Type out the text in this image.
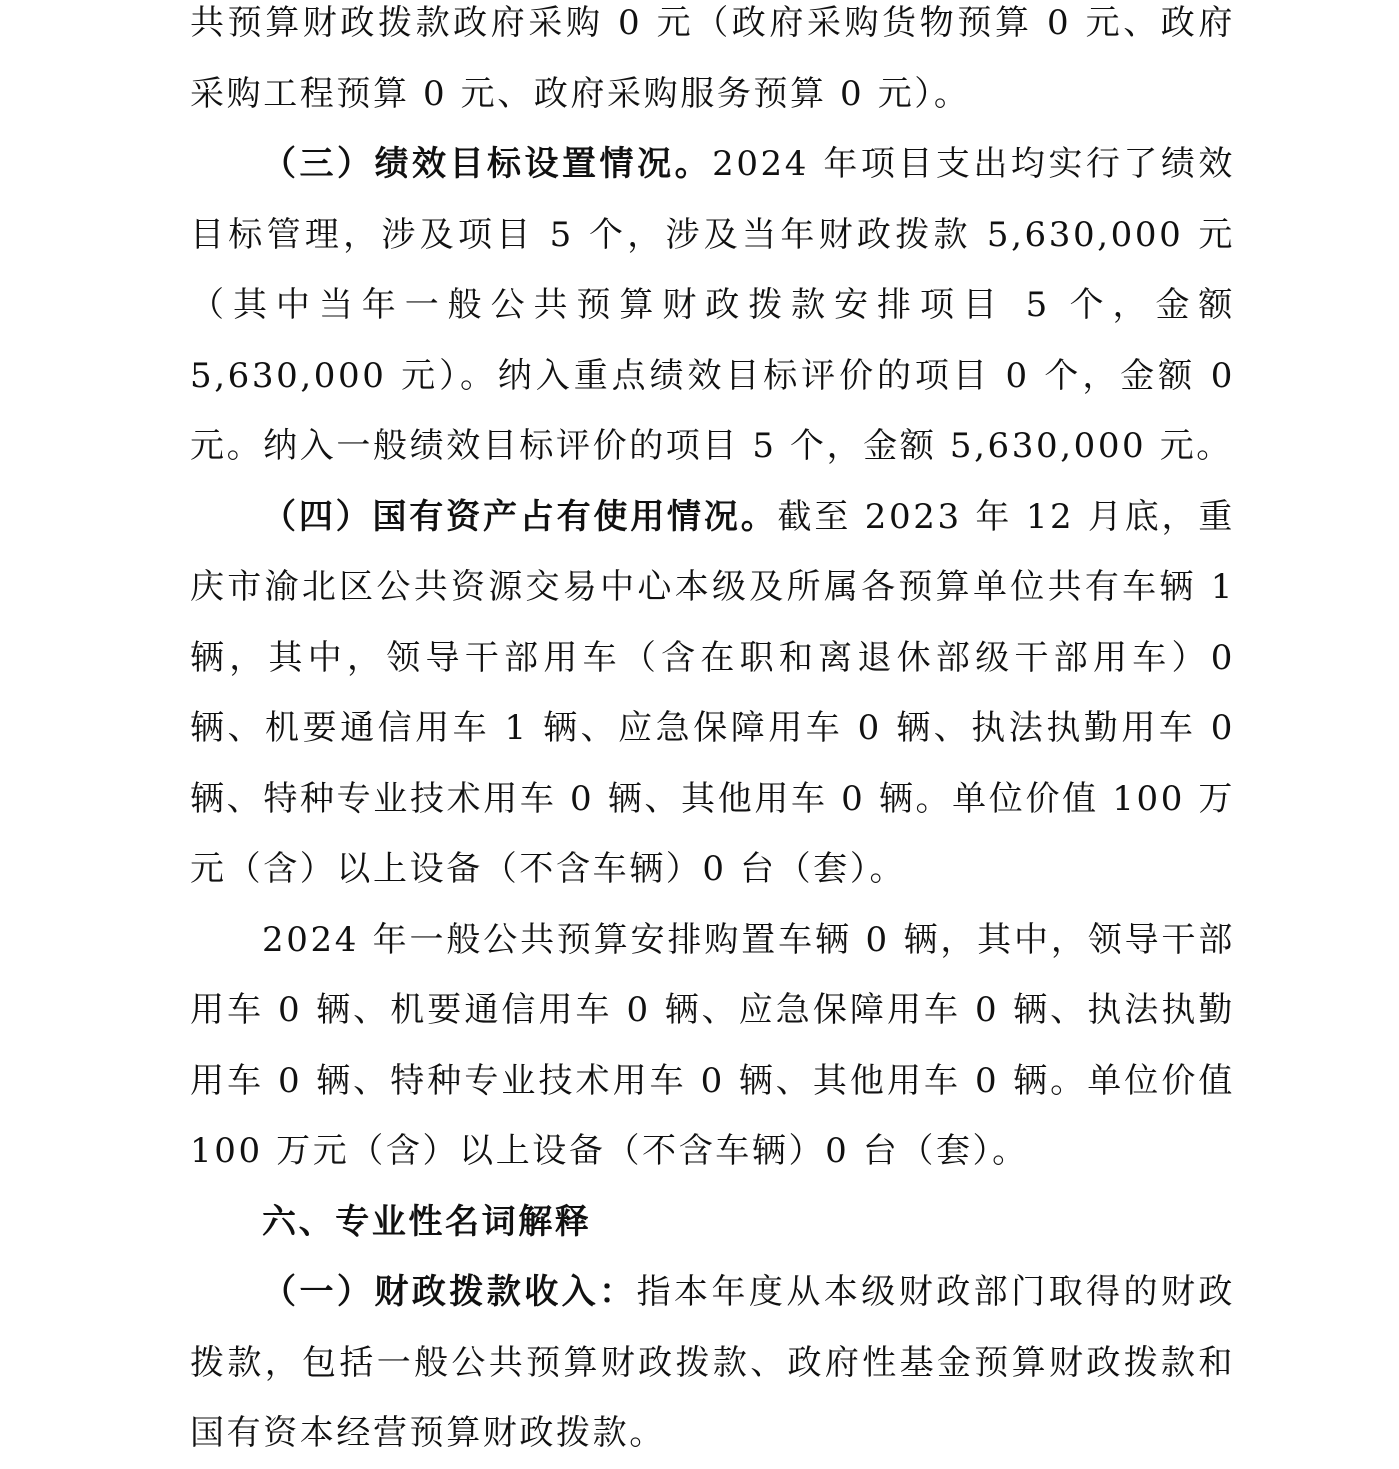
共预算财政拨款政府采购 0 元（政府采购货物预算 0 元、政府采购工程预算 0 元、政府采购服务预算 0 元）。

（三）绩效目标设置情况。2024 年项目支出均实行了绩效目标管理，涉及项目 5 个，涉及当年财政拨款 5,630,000 元（其中当年一般公共预算财政拨款安排项目 5 个，金额 5,630,000 元）。纳入重点绩效目标评价的项目 0 个，金额 0 元。纳入一般绩效目标评价的项目 5 个，金额 5,630,000 元。

（四）国有资产占有使用情况。截至 2023 年 12 月底，重庆市渝北区公共资源交易中心本级及所属各预算单位共有车辆 1 辆，其中，领导干部用车（含在职和离退休部级干部用车）0 辆、机要通信用车 1 辆、应急保障用车 0 辆、执法执勤用车 0 辆、特种专业技术用车 0 辆、其他用车 0 辆。单位价值 100 万元（含）以上设备（不含车辆）0 台（套）。

2024 年一般公共预算安排购置车辆 0 辆，其中，领导干部用车 0 辆、机要通信用车 0 辆、应急保障用车 0 辆、执法执勤用车 0 辆、特种专业技术用车 0 辆、其他用车 0 辆。单位价值 100 万元（含）以上设备（不含车辆）0 台（套）。

六、专业性名词解释

（一）财政拨款收入：指本年度从本级财政部门取得的财政拨款，包括一般公共预算财政拨款、政府性基金预算财政拨款和国有资本经营预算财政拨款。
